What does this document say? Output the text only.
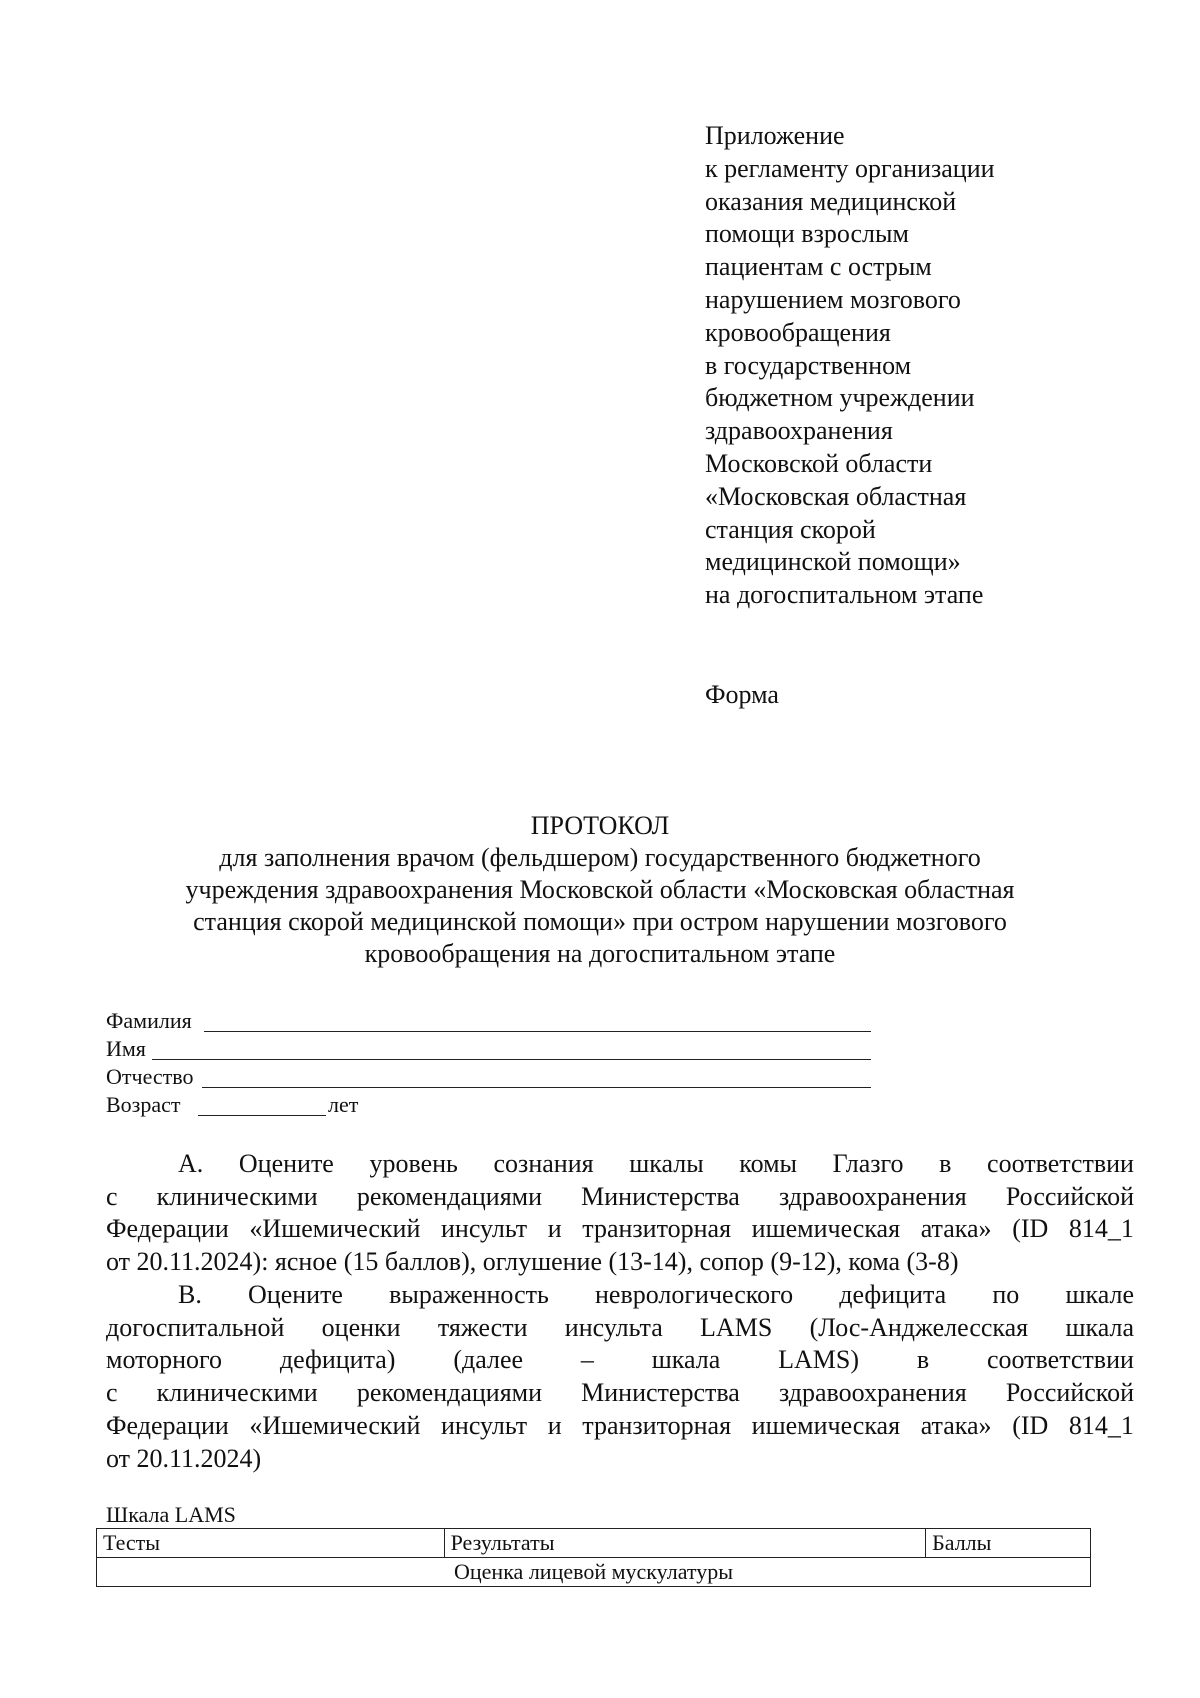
Приложение
к регламенту организации
оказания медицинской
помощи взрослым
пациентам с острым
нарушением мозгового
кровообращения
в государственном
бюджетном учреждении
здравоохранения
Московской области
«Московская областная
станция скорой
медицинской помощи»
на догоспитальном этапе
Форма
ПРОТОКОЛ
для заполнения врачом (фельдшером) государственного бюджетного
учреждения здравоохранения Московской области «Московская областная
станция скорой медицинской помощи» при остром нарушении мозгового
кровообращения на догоспитальном этапе
Фамилия
Имя
Отчество
Возраст	лет
А. Оцените уровень сознания шкалы комы Глазго в соответствии
с клиническими рекомендациями Министерства здравоохранения Российской
Федерации «Ишемический инсульт и транзиторная ишемическая атака» (ID 814_1
от 20.11.2024): ясное (15 баллов), оглушение (13-14), сопор (9-12), кома (3-8)
В. Оцените выраженность неврологического дефицита по шкале
догоспитальной оценки тяжести инсульта LAMS (Лос-Анджелесская шкала
моторного дефицита) (далее – шкала LAMS) в соответствии
с клиническими рекомендациями Министерства здравоохранения Российской
Федерации «Ишемический инсульт и транзиторная ишемическая атака» (ID 814_1
от 20.11.2024)
Шкала LAMS
Тесты	Результаты	Баллы
Оценка лицевой мускулатуры
